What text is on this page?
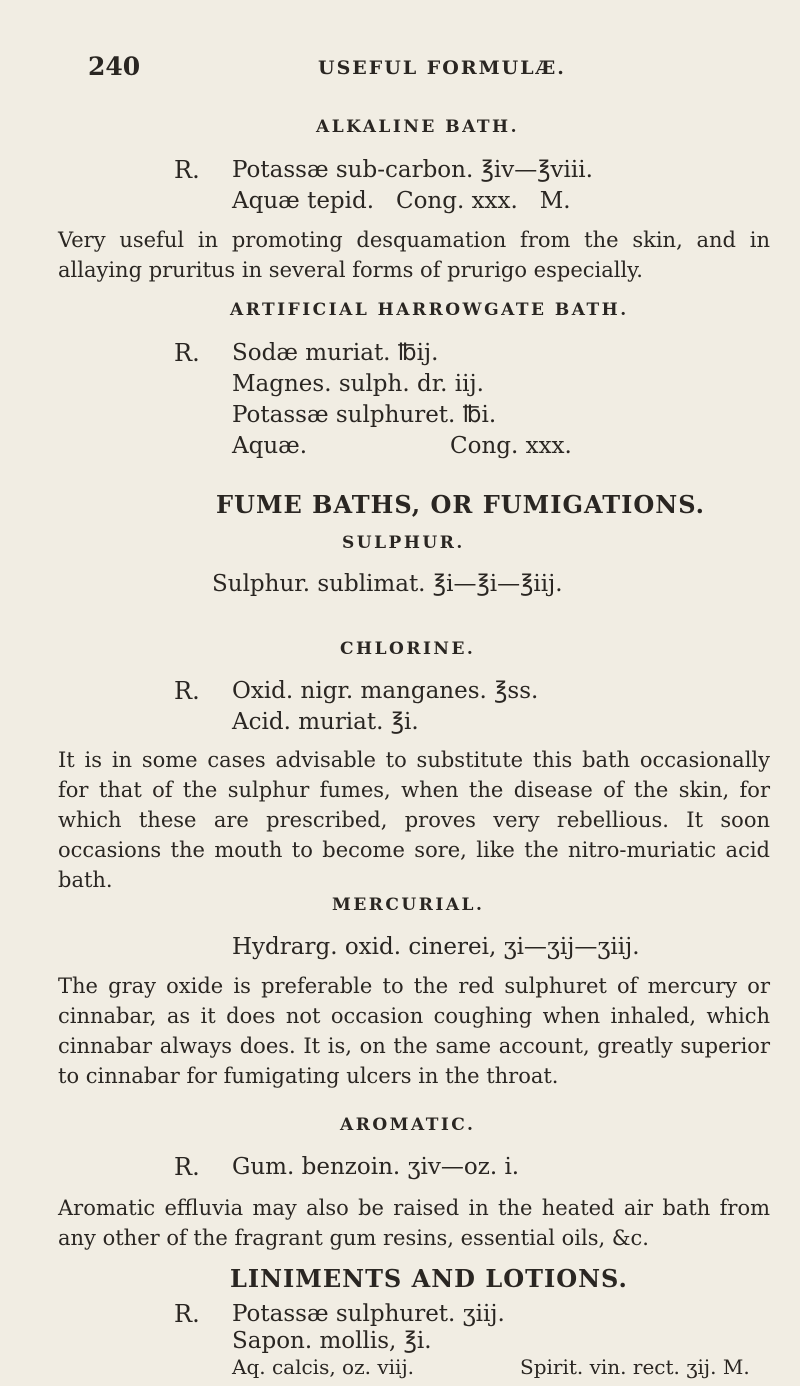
240	USEFUL FORMULÆ.
ALKALINE BATH.
R. Potassæ sub-carbon. ℥iv—℥viii.
Aquæ tepid.   Cong. xxx.   M.
Very useful in promoting desquamation from the skin, and in allaying pruritus in several forms of prurigo especially.
ARTIFICIAL HARROWGATE BATH.
R. Sodæ muriat. ℔ij.
Magnes. sulph. dr. iij.
Potassæ sulphuret. ℔i.
Aquæ.	Cong. xxx.
FUME BATHS, OR FUMIGATIONS.
SULPHUR.
Sulphur. sublimat. ℥i—℥i—℥iij.
CHLORINE.
R. Oxid. nigr. manganes. ℥ss.
Acid. muriat. ℥i.
It is in some cases advisable to substitute this bath occasionally for that of the sulphur fumes, when the disease of the skin, for which these are prescribed, proves very rebellious. It soon occasions the mouth to become sore, like the nitro-muriatic acid bath.
MERCURIAL.
Hydrarg. oxid. cinerei, ʒi—ʒij—ʒiij.
The gray oxide is preferable to the red sulphuret of mercury or cinnabar, as it does not occasion coughing when inhaled, which cinnabar always does. It is, on the same account, greatly superior to cinnabar for fumigating ulcers in the throat.
AROMATIC.
R. Gum. benzoin. ʒiv—oz. i.
Aromatic effluvia may also be raised in the heated air bath from any other of the fragrant gum resins, essential oils, &c.
LINIMENTS AND LOTIONS.
R. Potassæ sulphuret. ʒiij.
Sapon. mollis, ℥i.
Aq. calcis, oz. viij.	Spirit. vin. rect. ʒij. M.
